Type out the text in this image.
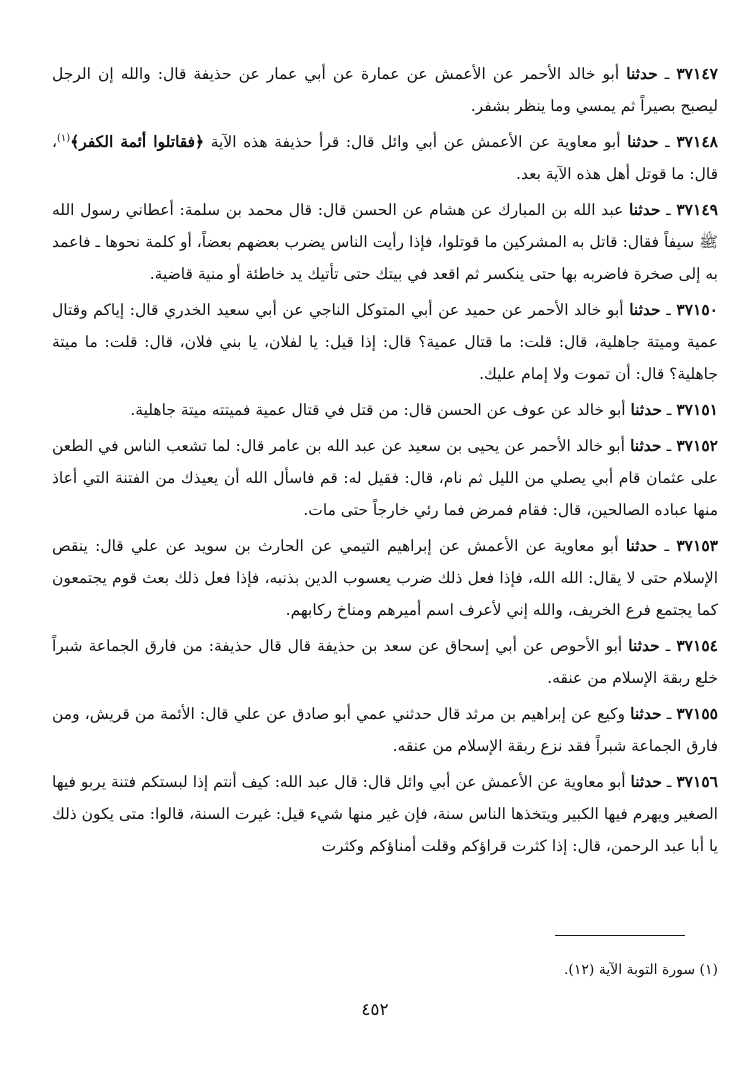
٣٧١٤٧ ـ حدثنا أبو خالد الأحمر عن الأعمش عن عمارة عن أبي عمار عن حذيفة قال: والله إن الرجل ليصبح بصيراً ثم يمسي وما ينظر بشفر.

٣٧١٤٨ ـ حدثنا أبو معاوية عن الأعمش عن أبي وائل قال: قرأ حذيفة هذه الآية ﴿فقاتلوا أئمة الكفر﴾$^{(١)}$، قال: ما قوتل أهل هذه الآية بعد.

٣٧١٤٩ ـ حدثنا عبد الله بن المبارك عن هشام عن الحسن قال: قال محمد بن سلمة: أعطاني رسول الله ﷺ سيفاً فقال: قاتل به المشركين ما قوتلوا، فإذا رأيت الناس يضرب بعضهم بعضاً، أو كلمة نحوها ـ فاعمد به إلى صخرة فاضربه بها حتى ينكسر ثم اقعد في بيتك حتى تأتيك يد خاطئة أو منية قاضية.

٣٧١٥٠ ـ حدثنا أبو خالد الأحمر عن حميد عن أبي المتوكل الناجي عن أبي سعيد الخدري قال: إياكم وقتال عمية وميتة جاهلية، قال: قلت: ما قتال عمية؟ قال: إذا قيل: يا لفلان، يا بني فلان، قال: قلت: ما ميتة جاهلية؟ قال: أن تموت ولا إمام عليك.

٣٧١٥١ ـ حدثنا أبو خالد عن عوف عن الحسن قال: من قتل في قتال عمية فميتته ميتة جاهلية.

٣٧١٥٢ ـ حدثنا أبو خالد الأحمر عن يحيى بن سعيد عن عبد الله بن عامر قال: لما تشعب الناس في الطعن على عثمان قام أبي يصلي من الليل ثم نام، قال: فقيل له: قم فاسأل الله أن يعيذك من الفتنة التي أعاذ منها عباده الصالحين، قال: فقام فمرض فما رئي خارجاً حتى مات.

٣٧١٥٣ ـ حدثنا أبو معاوية عن الأعمش عن إبراهيم التيمي عن الحارث بن سويد عن علي قال: ينقص الإسلام حتى لا يقال: الله الله، فإذا فعل ذلك ضرب يعسوب الدين بذنبه، فإذا فعل ذلك بعث قوم يجتمعون كما يجتمع فرع الخريف، والله إني لأعرف اسم أميرهم ومناخ ركابهم.

٣٧١٥٤ ـ حدثنا أبو الأحوص عن أبي إسحاق عن سعد بن حذيفة قال قال حذيفة: من فارق الجماعة شبراً خلع ربقة الإسلام من عنقه.

٣٧١٥٥ ـ حدثنا وكيع عن إبراهيم بن مرثد قال حدثني عمي أبو صادق عن علي قال: الأئمة من قريش، ومن فارق الجماعة شبراً فقد نزع ربقة الإسلام من عنقه.

٣٧١٥٦ ـ حدثنا أبو معاوية عن الأعمش عن أبي وائل قال: قال عبد الله: كيف أنتم إذا لبستكم فتنة يربو فيها الصغير ويهرم فيها الكبير ويتخذها الناس سنة، فإن غير منها شيء قيل: غيرت السنة، قالوا: متى يكون ذلك يا أبا عبد الرحمن، قال: إذا كثرت قراؤكم وقلت أمناؤكم وكثرت

(١) سورة التوبة الآية (١٢).
٤٥٢
